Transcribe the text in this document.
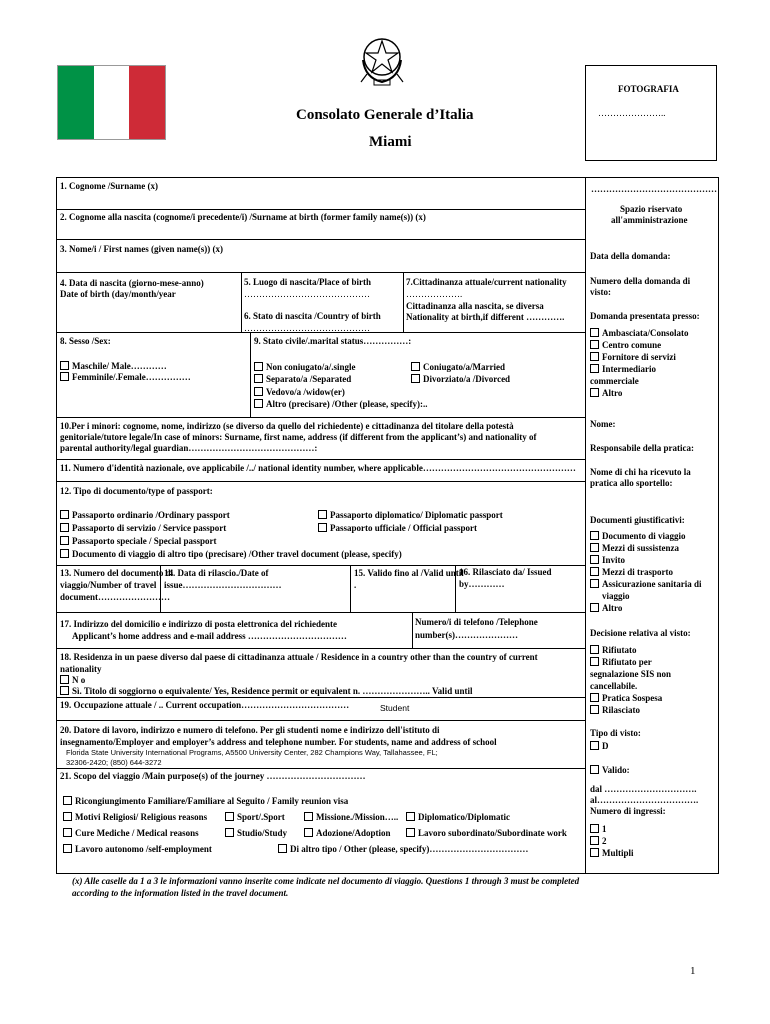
Consolato Generale d’Italia
Miami
FOTOGRAFIA
…………………..
1. Cognome /Surname (x)
2. Cognome alla nascita (cognome/i precedente/i) /Surname at birth (former family name(s)) (x)
3. Nome/i / First names (given name(s)) (x)
4. Data di nascita (giorno-mese-anno)
Date of birth (day/month/year
5. Luogo di nascita/Place of birth
……………………………………
6. Stato di nascita /Country of birth
……………………………………
7.Cittadinanza attuale/current nationality
……………….
Cittadinanza alla nascita, se diversa
Nationality at birth,if different ………….
8. Sesso /Sex:
Maschile/ Male…………
Femminile/.Female……………
9. Stato civile/.marital status……………:
Non coniugato/a/.single
Separato/a /Separated
Vedovo/a /widow(er)
Altro (precisare) /Other (please, specify):..
Coniugato/a/Married
Divorziato/a /Divorced
10.Per i minori: cognome, nome, indirizzo (se diverso da quello del richiedente) e cittadinanza del titolare della potestà
genitoriale/tutore legale/In case of minors: Surname, first name, address (if different from the applicant’s) and nationality of
parental authority/legal guardian……………………………………:
11. Numero d'identità nazionale, ove applicabile /../ national identity number, where applicable……………………………………………
12. Tipo di documento/type of passport:
Passaporto ordinario /Ordinary passport
Passaporto di servizio / Service passport
Passaporto speciale / Special passport
Documento di viaggio di altro tipo (precisare) /Other travel document (please, specify)
Passaporto diplomatico/ Diplomatic passport
Passaporto ufficiale / Official passport
13. Numero del documento di
viaggio/Number of travel
document……………………
14. Data di rilascio./Date of
issue……………………………
15. Valido fino al /Valid until
.
16. Rilasciato da/ Issued
by…………
17. Indirizzo del domicilio e indirizzo di posta elettronica del richiedente
Applicant’s home address and e-mail address ……………………………
Numero/i di telefono /Telephone
number(s)…………………
18. Residenza in un paese diverso dal paese di cittadinanza attuale / Residence in a country other than the country of current
nationality
N o
Sì. Titolo di soggiorno o equivalente/ Yes, Residence permit or equivalent n. ………………….. Valid until
19. Occupazione attuale / .. Current occupation………………………………	Student
20. Datore di lavoro, indirizzo e numero di telefono. Per gli studenti nome e indirizzo dell'istituto di
insegnamento/Employer and employer’s address and telephone number. For students, name and address of school
Florida State University International Programs, A5500 University Center, 282 Champions Way, Tallahassee, FL;
32306-2420; (850) 644-3272
21. Scopo del viaggio /Main purpose(s) of the journey ……………………………
Ricongiungimento Familiare/Familiare al Seguito / Family reunion visa
Motivi Religiosi/ Religious reasons	Sport/.Sport	Missione./Mission…..	Diplomatico/Diplomatic
Cure Mediche / Medical reasons	Studio/Study	Adozione/Adoption	Lavoro subordinato/Subordinate work
Lavoro autonomo /self-employment	Di altro tipo / Other (please, specify)……………………………
……………………………………
Spazio riservato
all'amministrazione
Data della domanda:
Numero della domanda di
visto:
Domanda presentata presso:
Ambasciata/Consolato
Centro comune
Fornitore di servizi
Intermediario
commerciale
Altro
Nome:
Responsabile della pratica:
Nome di chi ha ricevuto la
pratica allo sportello:
Documenti giustificativi:
Documento di viaggio
Mezzi di sussistenza
Invito
Mezzi di trasporto
Assicurazione sanitaria di
viaggio
Altro
Decisione relativa al visto:
Rifiutato
Rifiutato per
segnalazione SIS non
cancellabile.
Pratica Sospesa
Rilasciato
Tipo di visto:
D
Valido:
dal ………………………….
al…………………………….
Numero di ingressi:
1
2
Multipli
(x) Alle caselle da 1 a 3 le informazioni vanno inserite come indicate nel documento di viaggio. Questions 1 through 3 must be completed
according to the information listed in the travel document.
1
